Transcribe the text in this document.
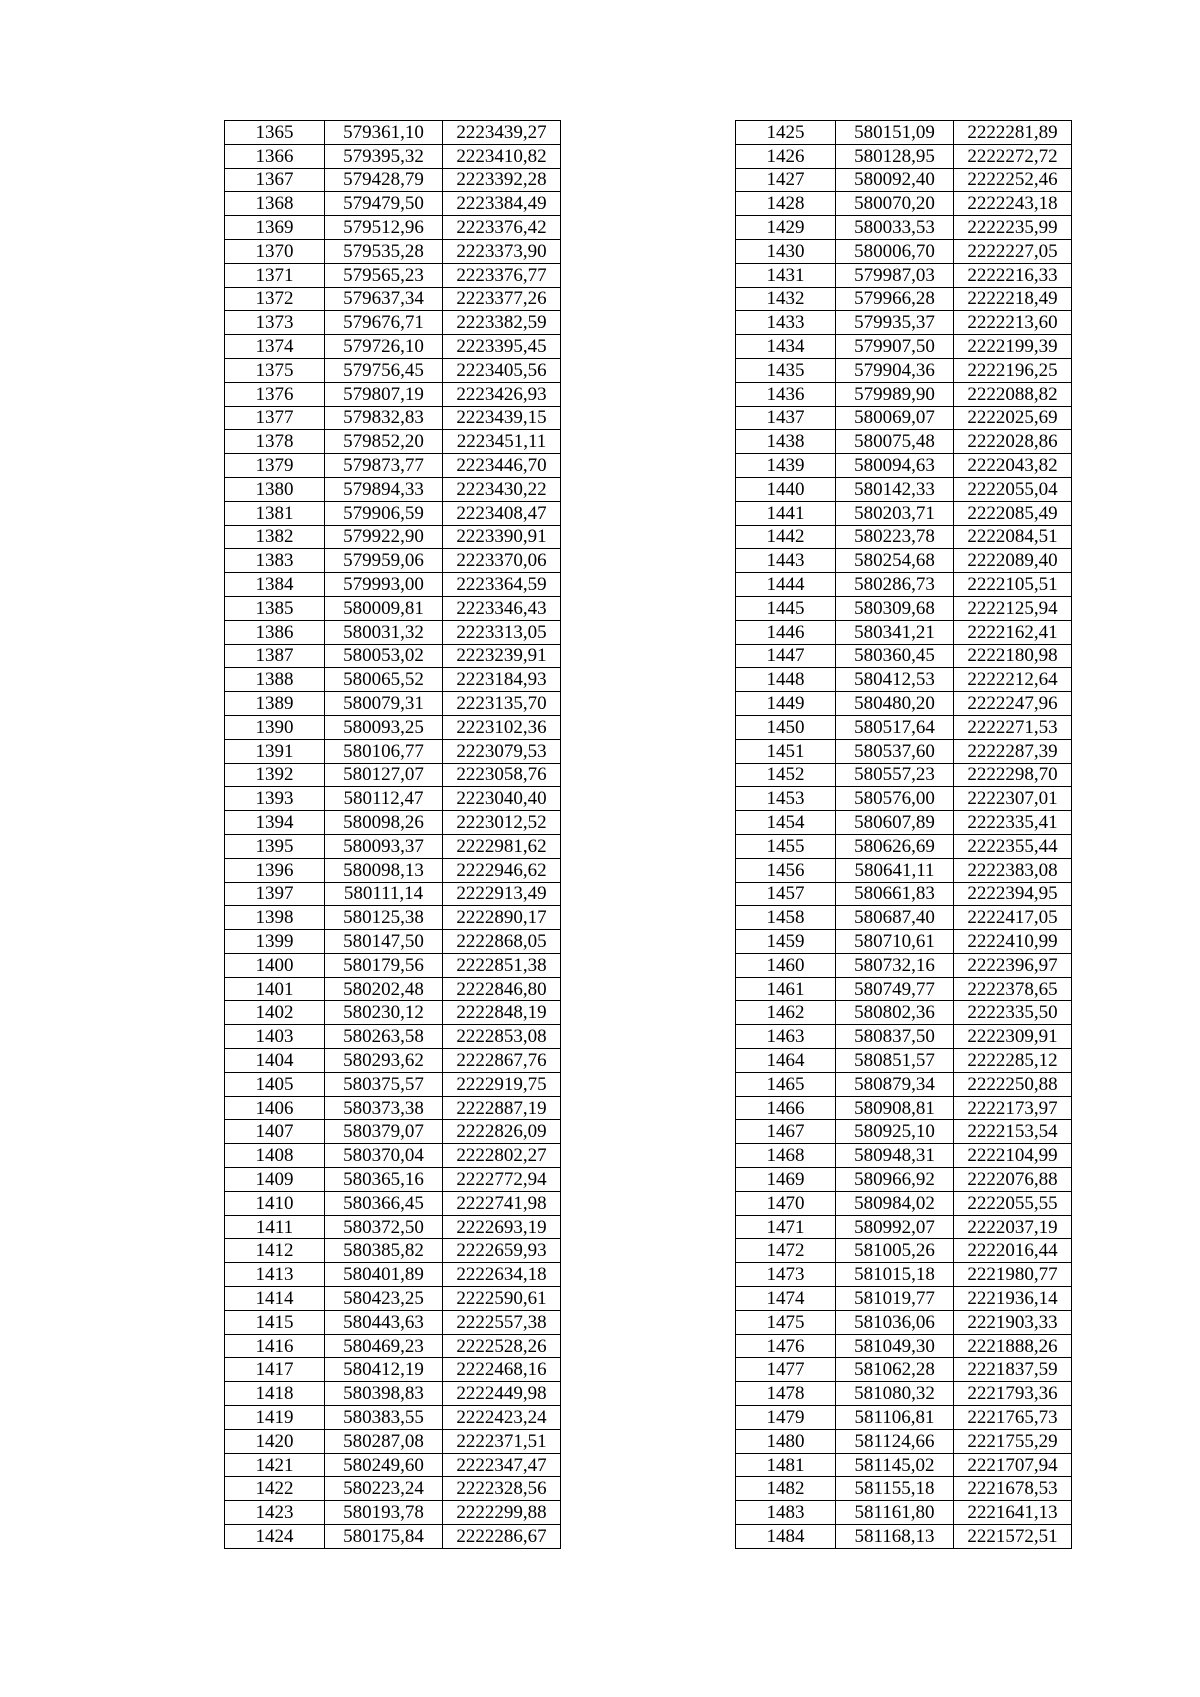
1365	579361,10	2223439,27
1366	579395,32	2223410,82
1367	579428,79	2223392,28
1368	579479,50	2223384,49
1369	579512,96	2223376,42
1370	579535,28	2223373,90
1371	579565,23	2223376,77
1372	579637,34	2223377,26
1373	579676,71	2223382,59
1374	579726,10	2223395,45
1375	579756,45	2223405,56
1376	579807,19	2223426,93
1377	579832,83	2223439,15
1378	579852,20	2223451,11
1379	579873,77	2223446,70
1380	579894,33	2223430,22
1381	579906,59	2223408,47
1382	579922,90	2223390,91
1383	579959,06	2223370,06
1384	579993,00	2223364,59
1385	580009,81	2223346,43
1386	580031,32	2223313,05
1387	580053,02	2223239,91
1388	580065,52	2223184,93
1389	580079,31	2223135,70
1390	580093,25	2223102,36
1391	580106,77	2223079,53
1392	580127,07	2223058,76
1393	580112,47	2223040,40
1394	580098,26	2223012,52
1395	580093,37	2222981,62
1396	580098,13	2222946,62
1397	580111,14	2222913,49
1398	580125,38	2222890,17
1399	580147,50	2222868,05
1400	580179,56	2222851,38
1401	580202,48	2222846,80
1402	580230,12	2222848,19
1403	580263,58	2222853,08
1404	580293,62	2222867,76
1405	580375,57	2222919,75
1406	580373,38	2222887,19
1407	580379,07	2222826,09
1408	580370,04	2222802,27
1409	580365,16	2222772,94
1410	580366,45	2222741,98
1411	580372,50	2222693,19
1412	580385,82	2222659,93
1413	580401,89	2222634,18
1414	580423,25	2222590,61
1415	580443,63	2222557,38
1416	580469,23	2222528,26
1417	580412,19	2222468,16
1418	580398,83	2222449,98
1419	580383,55	2222423,24
1420	580287,08	2222371,51
1421	580249,60	2222347,47
1422	580223,24	2222328,56
1423	580193,78	2222299,88
1424	580175,84	2222286,67
1425	580151,09	2222281,89
1426	580128,95	2222272,72
1427	580092,40	2222252,46
1428	580070,20	2222243,18
1429	580033,53	2222235,99
1430	580006,70	2222227,05
1431	579987,03	2222216,33
1432	579966,28	2222218,49
1433	579935,37	2222213,60
1434	579907,50	2222199,39
1435	579904,36	2222196,25
1436	579989,90	2222088,82
1437	580069,07	2222025,69
1438	580075,48	2222028,86
1439	580094,63	2222043,82
1440	580142,33	2222055,04
1441	580203,71	2222085,49
1442	580223,78	2222084,51
1443	580254,68	2222089,40
1444	580286,73	2222105,51
1445	580309,68	2222125,94
1446	580341,21	2222162,41
1447	580360,45	2222180,98
1448	580412,53	2222212,64
1449	580480,20	2222247,96
1450	580517,64	2222271,53
1451	580537,60	2222287,39
1452	580557,23	2222298,70
1453	580576,00	2222307,01
1454	580607,89	2222335,41
1455	580626,69	2222355,44
1456	580641,11	2222383,08
1457	580661,83	2222394,95
1458	580687,40	2222417,05
1459	580710,61	2222410,99
1460	580732,16	2222396,97
1461	580749,77	2222378,65
1462	580802,36	2222335,50
1463	580837,50	2222309,91
1464	580851,57	2222285,12
1465	580879,34	2222250,88
1466	580908,81	2222173,97
1467	580925,10	2222153,54
1468	580948,31	2222104,99
1469	580966,92	2222076,88
1470	580984,02	2222055,55
1471	580992,07	2222037,19
1472	581005,26	2222016,44
1473	581015,18	2221980,77
1474	581019,77	2221936,14
1475	581036,06	2221903,33
1476	581049,30	2221888,26
1477	581062,28	2221837,59
1478	581080,32	2221793,36
1479	581106,81	2221765,73
1480	581124,66	2221755,29
1481	581145,02	2221707,94
1482	581155,18	2221678,53
1483	581161,80	2221641,13
1484	581168,13	2221572,51
